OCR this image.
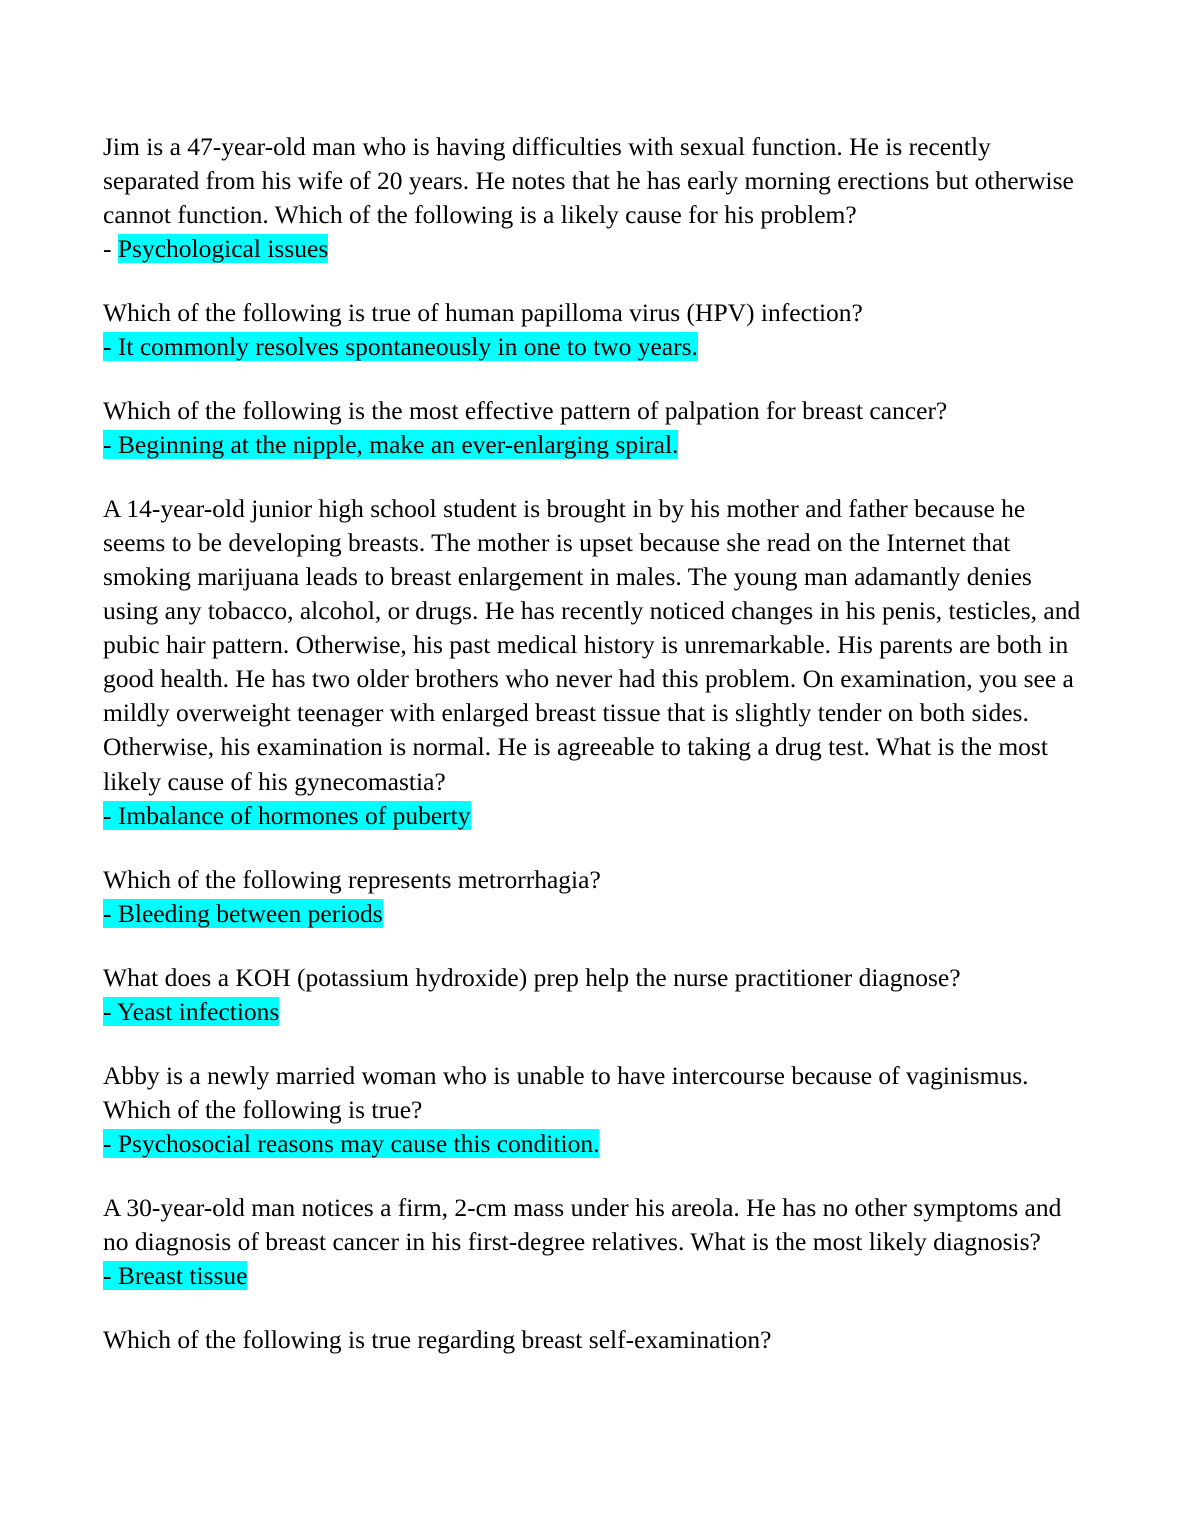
Jim is a 47-year-old man who is having difficulties with sexual function. He is recently separated from his wife of 20 years. He notes that he has early morning erections but otherwise cannot function. Which of the following is a likely cause for his problem?

- Psychological issues

Which of the following is true of human papilloma virus (HPV) infection?

- It commonly resolves spontaneously in one to two years.

Which of the following is the most effective pattern of palpation for breast cancer?

- Beginning at the nipple, make an ever-enlarging spiral.

A 14-year-old junior high school student is brought in by his mother and father because he seems to be developing breasts. The mother is upset because she read on the Internet that smoking marijuana leads to breast enlargement in males. The young man adamantly denies using any tobacco, alcohol, or drugs. He has recently noticed changes in his penis, testicles, and pubic hair pattern. Otherwise, his past medical history is unremarkable. His parents are both in good health. He has two older brothers who never had this problem. On examination, you see a mildly overweight teenager with enlarged breast tissue that is slightly tender on both sides. Otherwise, his examination is normal. He is agreeable to taking a drug test. What is the most likely cause of his gynecomastia?

- Imbalance of hormones of puberty

Which of the following represents metrorrhagia?

- Bleeding between periods

What does a KOH (potassium hydroxide) prep help the nurse practitioner diagnose?

- Yeast infections

Abby is a newly married woman who is unable to have intercourse because of vaginismus. Which of the following is true?

- Psychosocial reasons may cause this condition.

A 30-year-old man notices a firm, 2-cm mass under his areola. He has no other symptoms and no diagnosis of breast cancer in his first-degree relatives. What is the most likely diagnosis?

- Breast tissue

Which of the following is true regarding breast self-examination?
